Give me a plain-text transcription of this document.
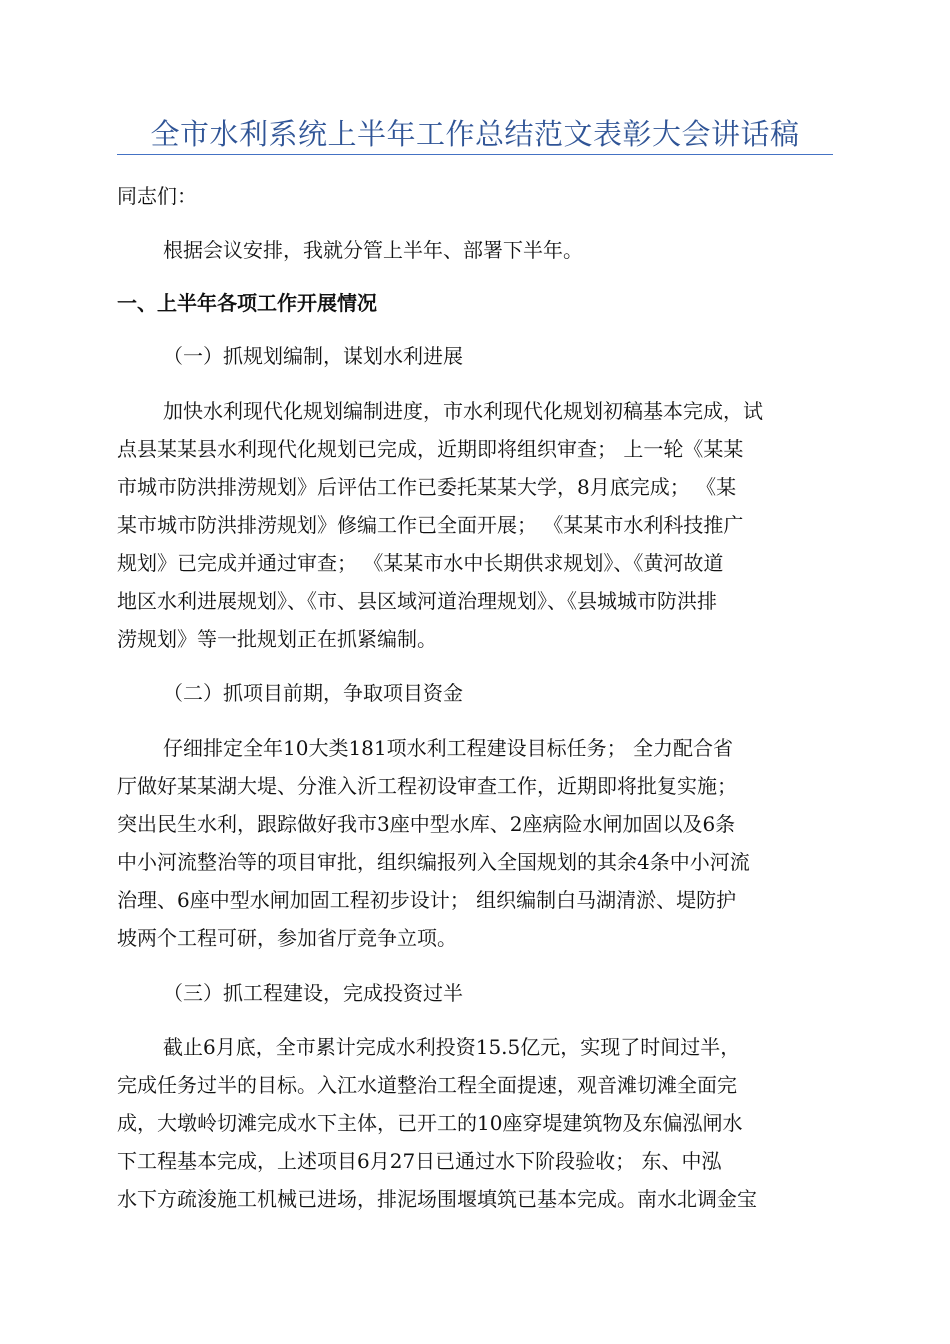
全市水利系统上半年工作总结范文表彰大会讲话稿

同志们：

根据会议安排，我就分管上半年、部署下半年。

一、上半年各项工作开展情况

（一）抓规划编制，谋划水利进展

加快水利现代化规划编制进度，市水利现代化规划初稿基本完成，试

点县某某县水利现代化规划已完成，近期即将组织审查； 上一轮《某某

市城市防洪排涝规划》后评估工作已委托某某大学，8月底完成； 《某

某市城市防洪排涝规划》修编工作已全面开展； 《某某市水利科技推广

规划》已完成并通过审查； 《某某市水中长期供求规划》、《黄河故道

地区水利进展规划》、《市、县区域河道治理规划》、《县城城市防洪排

涝规划》等一批规划正在抓紧编制。

（二）抓项目前期，争取项目资金

仔细排定全年10大类181项水利工程建设目标任务； 全力配合省

厅做好某某湖大堤、分淮入沂工程初设审查工作，近期即将批复实施；

突出民生水利，跟踪做好我市3座中型水库、2座病险水闸加固以及6条

中小河流整治等的项目审批，组织编报列入全国规划的其余4条中小河流

治理、6座中型水闸加固工程初步设计； 组织编制白马湖清淤、堤防护

坡两个工程可研，参加省厅竞争立项。

（三）抓工程建设，完成投资过半

截止6月底，全市累计完成水利投资15.5亿元，实现了时间过半，

完成任务过半的目标。入江水道整治工程全面提速，观音滩切滩全面完

成，大墩岭切滩完成水下主体，已开工的10座穿堤建筑物及东偏泓闸水

下工程基本完成，上述项目6月27日已通过水下阶段验收； 东、中泓

水下方疏浚施工机械已进场，排泥场围堰填筑已基本完成。南水北调金宝
